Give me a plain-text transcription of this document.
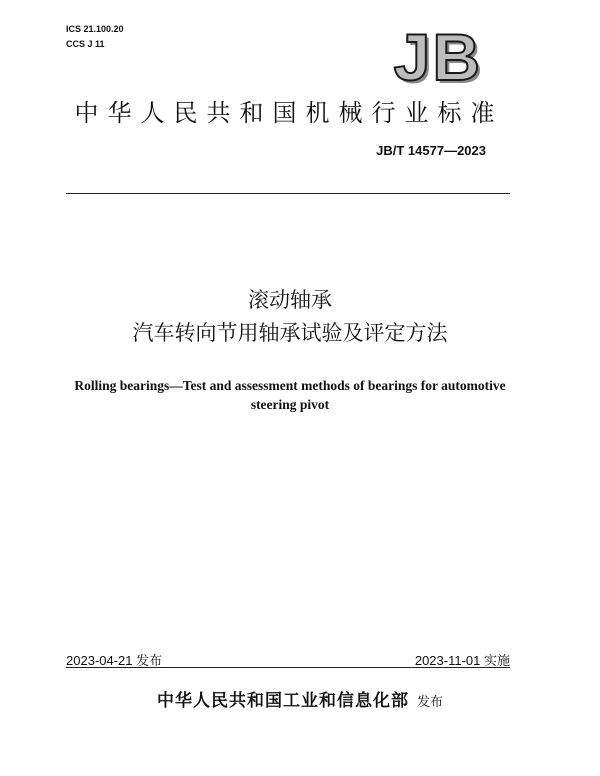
ICS 21.100.20
CCS J 11	JB
中华人民共和国机械行业标准
JB/T 14577—2023
滚动轴承
汽车转向节用轴承试验及评定方法
Rolling bearings—Test and assessment methods of bearings for automotive
steering pivot
2023-04-21 发布	2023-11-01 实施
中华人民共和国工业和信息化部 发布
